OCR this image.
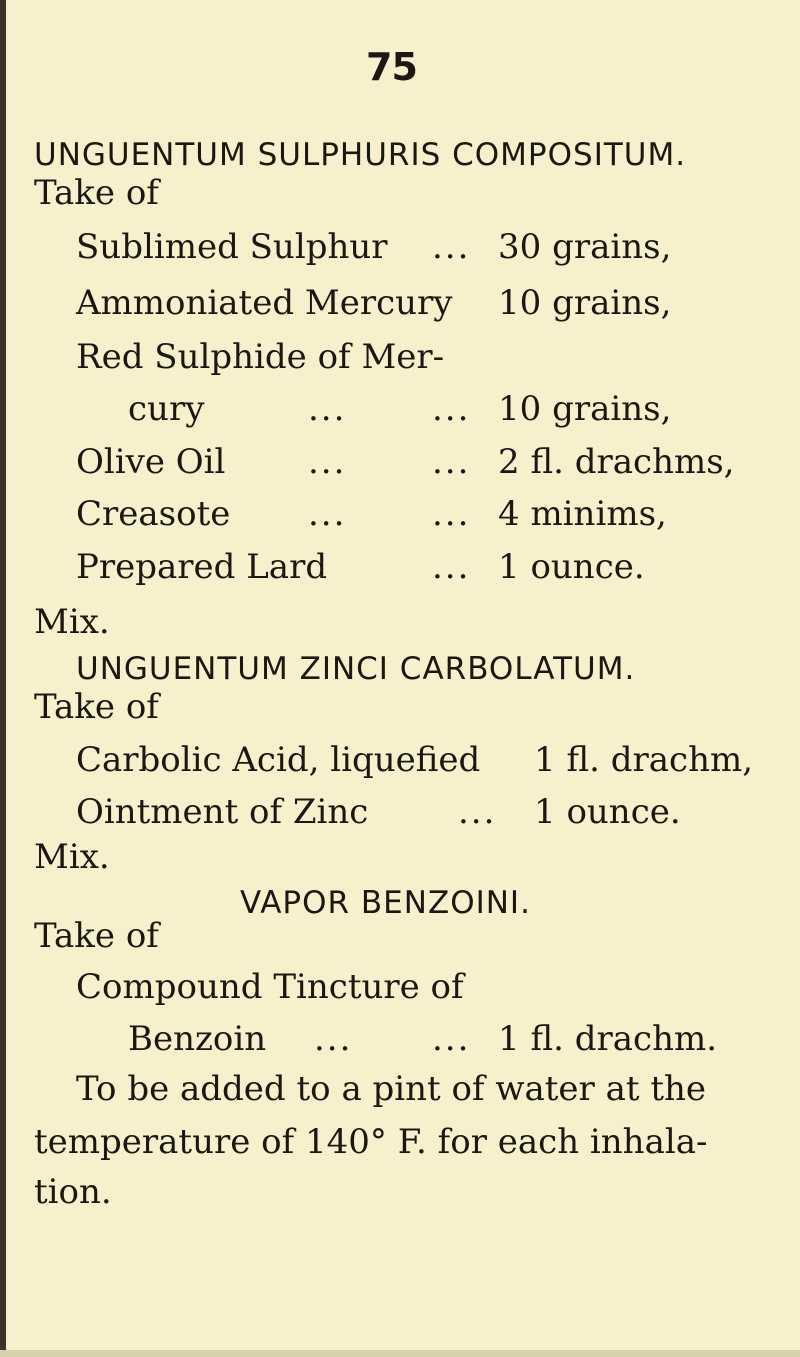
75
UNGUENTUM SULPHURIS COMPOSITUM.
Take of
Sublimed Sulphur ... 30 grains,
Ammoniated Mercury 10 grains,
Red Sulphide of Mer-
cury	...	... 10 grains,
Olive Oil ...	... 2 fl. drachms,
Creasote ...	... 4 minims,
Prepared Lard	... 1 ounce.
Mix.
UNGUENTUM ZINCI CARBOLATUM.
Take of
Carbolic Acid, liquefied 1 fl. drachm,
Ointment of Zinc	... 1 ounce.
Mix.
VAPOR BENZOINI.
Take of
Compound Tincture of
Benzoin ... ... 1 fl. drachm.
To be added to a pint of water at the
temperature of 140° F. for each inhala-
tion.
